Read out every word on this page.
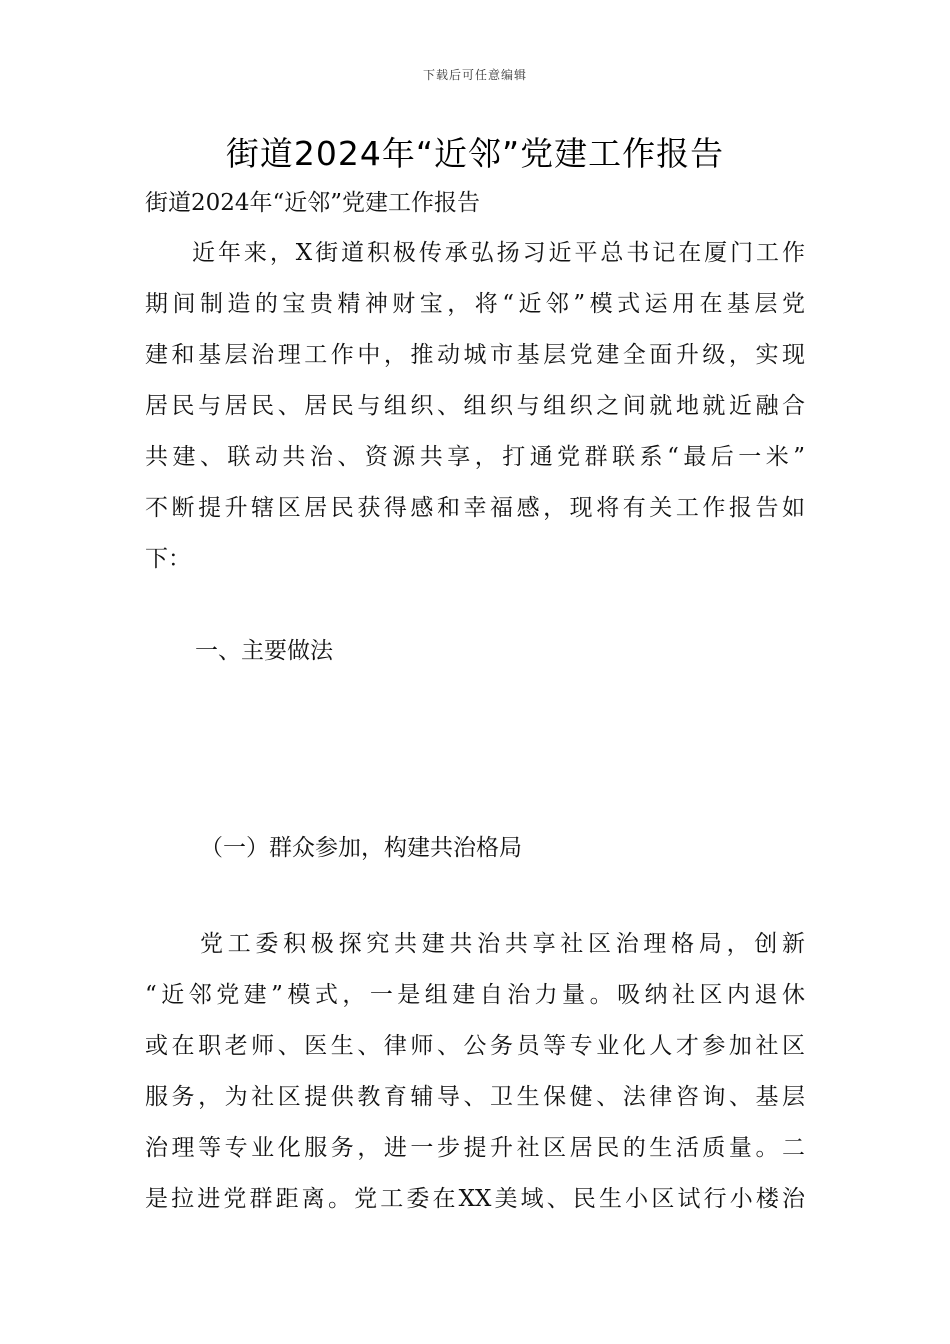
下载后可任意编辑
街道2024年“近邻”党建工作报告
街道2024年“近邻”党建工作报告
近年来，X街道积极传承弘扬习近平总书记在厦门工作
期间制造的宝贵精神财宝，将“近邻”模式运用在基层党
建和基层治理工作中，推动城市基层党建全面升级，实现
居民与居民、居民与组织、组织与组织之间就地就近融合
共建、联动共治、资源共享，打通党群联系“最后一米”
不断提升辖区居民获得感和幸福感，现将有关工作报告如
下：
一、主要做法
（一）群众参加，构建共治格局
党工委积极探究共建共治共享社区治理格局，创新
“近邻党建”模式，一是组建自治力量。吸纳社区内退休
或在职老师、医生、律师、公务员等专业化人才参加社区
服务，为社区提供教育辅导、卫生保健、法律咨询、基层
治理等专业化服务，进一步提升社区居民的生活质量。二
是拉进党群距离。党工委在XX美域、民生小区试行小楼治
